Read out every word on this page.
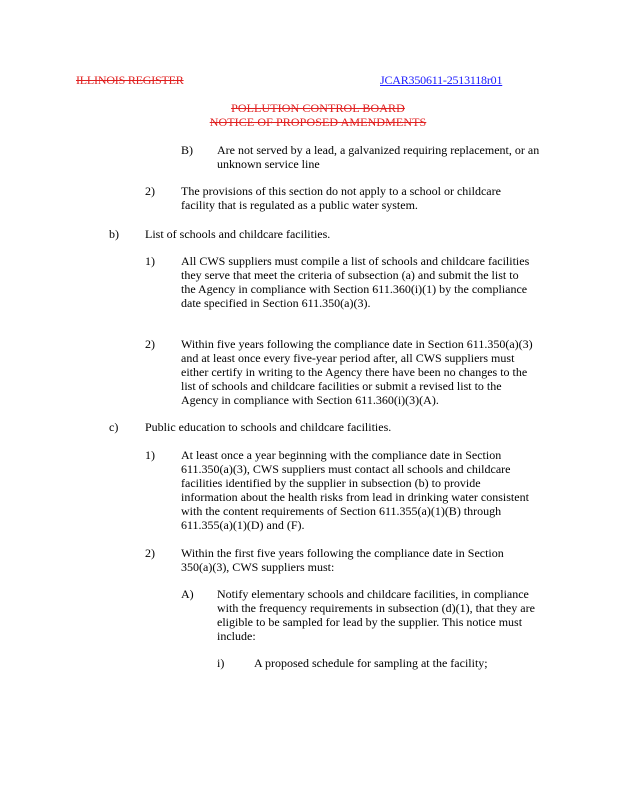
ILLINOIS REGISTER	JCAR350611-2513118r01
POLLUTION CONTROL BOARD
NOTICE OF PROPOSED AMENDMENTS
B) Are not served by a lead, a galvanized requiring replacement, or an
unknown service line
2) The provisions of this section do not apply to a school or childcare
facility that is regulated as a public water system.
b) List of schools and childcare facilities.
1) All CWS suppliers must compile a list of schools and childcare facilities
they serve that meet the criteria of subsection (a) and submit the list to
the Agency in compliance with Section 611.360(i)(1) by the compliance
date specified in Section 611.350(a)(3).
2) Within five years following the compliance date in Section 611.350(a)(3)
and at least once every five-year period after, all CWS suppliers must
either certify in writing to the Agency there have been no changes to the
list of schools and childcare facilities or submit a revised list to the
Agency in compliance with Section 611.360(i)(3)(A).
c) Public education to schools and childcare facilities.
1) At least once a year beginning with the compliance date in Section
611.350(a)(3), CWS suppliers must contact all schools and childcare
facilities identified by the supplier in subsection (b) to provide
information about the health risks from lead in drinking water consistent
with the content requirements of Section 611.355(a)(1)(B) through
611.355(a)(1)(D) and (F).
2) Within the first five years following the compliance date in Section
350(a)(3), CWS suppliers must:
A) Notify elementary schools and childcare facilities, in compliance
with the frequency requirements in subsection (d)(1), that they are
eligible to be sampled for lead by the supplier. This notice must
include:
i) A proposed schedule for sampling at the facility;
